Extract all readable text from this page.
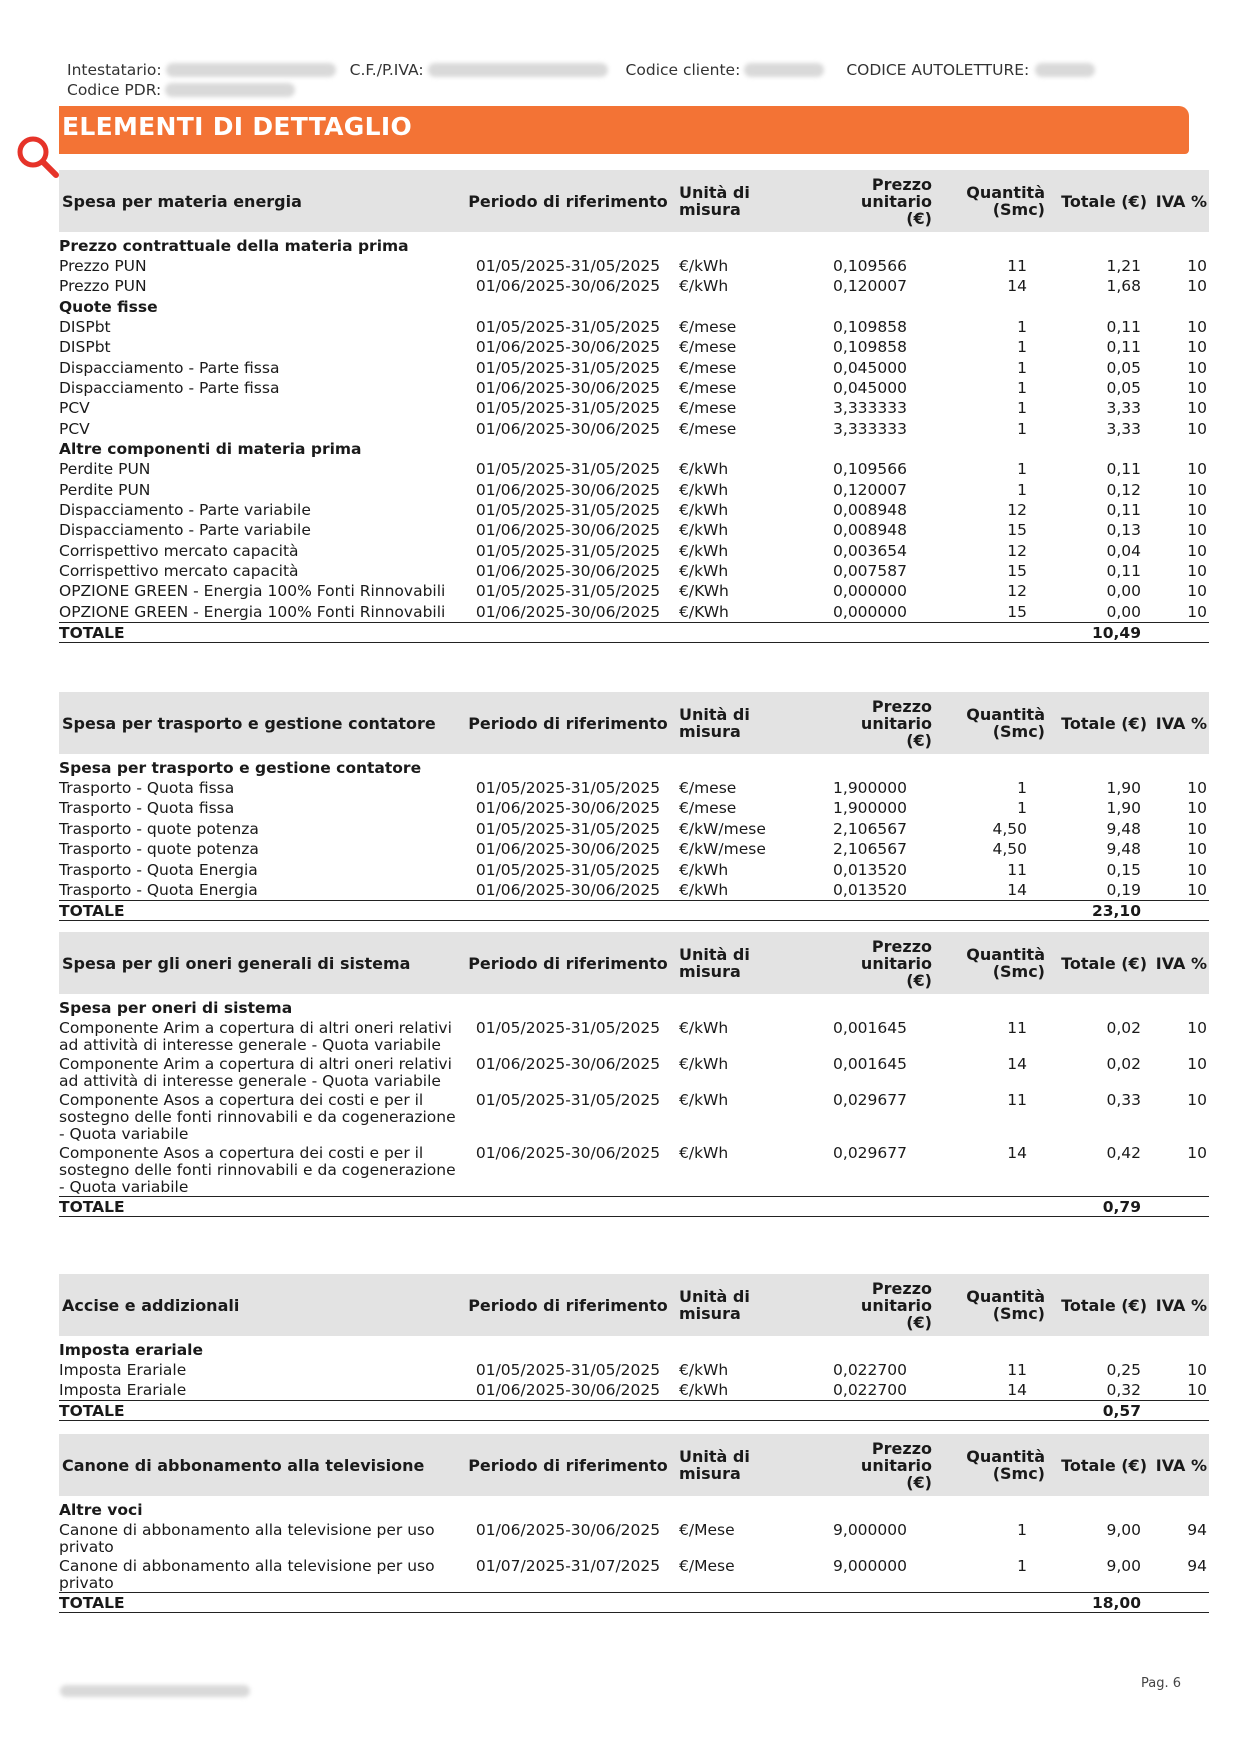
Intestatario:	C.F./P.IVA:	Codice cliente:	CODICE AUTOLETTURE:
Codice PDR:
ELEMENTI DI DETTAGLIO
Spesa per materia energia	Periodo di riferimento	Unità di
misura	Prezzo
unitario
(€)	Quantità
(Smc)	Totale (€)	IVA %

Prezzo contrattuale della materia prima						
Prezzo PUN	01/05/2025-31/05/2025	€/kWh	0,109566	11	1,21	10
Prezzo PUN	01/06/2025-30/06/2025	€/kWh	0,120007	14	1,68	10
Quote fisse						
DISPbt	01/05/2025-31/05/2025	€/mese	0,109858	1	0,11	10
DISPbt	01/06/2025-30/06/2025	€/mese	0,109858	1	0,11	10
Dispacciamento - Parte fissa	01/05/2025-31/05/2025	€/mese	0,045000	1	0,05	10
Dispacciamento - Parte fissa	01/06/2025-30/06/2025	€/mese	0,045000	1	0,05	10
PCV	01/05/2025-31/05/2025	€/mese	3,333333	1	3,33	10
PCV	01/06/2025-30/06/2025	€/mese	3,333333	1	3,33	10
Altre componenti di materia prima						
Perdite PUN	01/05/2025-31/05/2025	€/kWh	0,109566	1	0,11	10
Perdite PUN	01/06/2025-30/06/2025	€/kWh	0,120007	1	0,12	10
Dispacciamento - Parte variabile	01/05/2025-31/05/2025	€/kWh	0,008948	12	0,11	10
Dispacciamento - Parte variabile	01/06/2025-30/06/2025	€/kWh	0,008948	15	0,13	10
Corrispettivo mercato capacità	01/05/2025-31/05/2025	€/kWh	0,003654	12	0,04	10
Corrispettivo mercato capacità	01/06/2025-30/06/2025	€/kWh	0,007587	15	0,11	10
OPZIONE GREEN - Energia 100% Fonti Rinnovabili	01/05/2025-31/05/2025	€/KWh	0,000000	12	0,00	10
OPZIONE GREEN - Energia 100% Fonti Rinnovabili	01/06/2025-30/06/2025	€/KWh	0,000000	15	0,00	10
TOTALE					10,49	
Spesa per trasporto e gestione contatore	Periodo di riferimento	Unità di
misura	Prezzo
unitario
(€)	Quantità
(Smc)	Totale (€)	IVA %

Spesa per trasporto e gestione contatore						
Trasporto - Quota fissa	01/05/2025-31/05/2025	€/mese	1,900000	1	1,90	10
Trasporto - Quota fissa	01/06/2025-30/06/2025	€/mese	1,900000	1	1,90	10
Trasporto - quote potenza	01/05/2025-31/05/2025	€/kW/mese	2,106567	4,50	9,48	10
Trasporto - quote potenza	01/06/2025-30/06/2025	€/kW/mese	2,106567	4,50	9,48	10
Trasporto - Quota Energia	01/05/2025-31/05/2025	€/kWh	0,013520	11	0,15	10
Trasporto - Quota Energia	01/06/2025-30/06/2025	€/kWh	0,013520	14	0,19	10
TOTALE					23,10	
Spesa per gli oneri generali di sistema	Periodo di riferimento	Unità di
misura	Prezzo
unitario
(€)	Quantità
(Smc)	Totale (€)	IVA %

Spesa per oneri di sistema						
Componente Arim a copertura di altri oneri relativi ad attività di interesse generale - Quota variabile	01/05/2025-31/05/2025	€/kWh	0,001645	11	0,02	10
Componente Arim a copertura di altri oneri relativi ad attività di interesse generale - Quota variabile	01/06/2025-30/06/2025	€/kWh	0,001645	14	0,02	10
Componente Asos a copertura dei costi e per il sostegno delle fonti rinnovabili e da cogenerazione - Quota variabile	01/05/2025-31/05/2025	€/kWh	0,029677	11	0,33	10
Componente Asos a copertura dei costi e per il sostegno delle fonti rinnovabili e da cogenerazione - Quota variabile	01/06/2025-30/06/2025	€/kWh	0,029677	14	0,42	10
TOTALE					0,79	
Accise e addizionali	Periodo di riferimento	Unità di
misura	Prezzo
unitario
(€)	Quantità
(Smc)	Totale (€)	IVA %

Imposta erariale						
Imposta Erariale	01/05/2025-31/05/2025	€/kWh	0,022700	11	0,25	10
Imposta Erariale	01/06/2025-30/06/2025	€/kWh	0,022700	14	0,32	10
TOTALE					0,57	
Canone di abbonamento alla televisione	Periodo di riferimento	Unità di
misura	Prezzo
unitario
(€)	Quantità
(Smc)	Totale (€)	IVA %

Altre voci						
Canone di abbonamento alla televisione per uso privato	01/06/2025-30/06/2025	€/Mese	9,000000	1	9,00	94
Canone di abbonamento alla televisione per uso privato	01/07/2025-31/07/2025	€/Mese	9,000000	1	9,00	94
TOTALE					18,00	
Pag. 6
